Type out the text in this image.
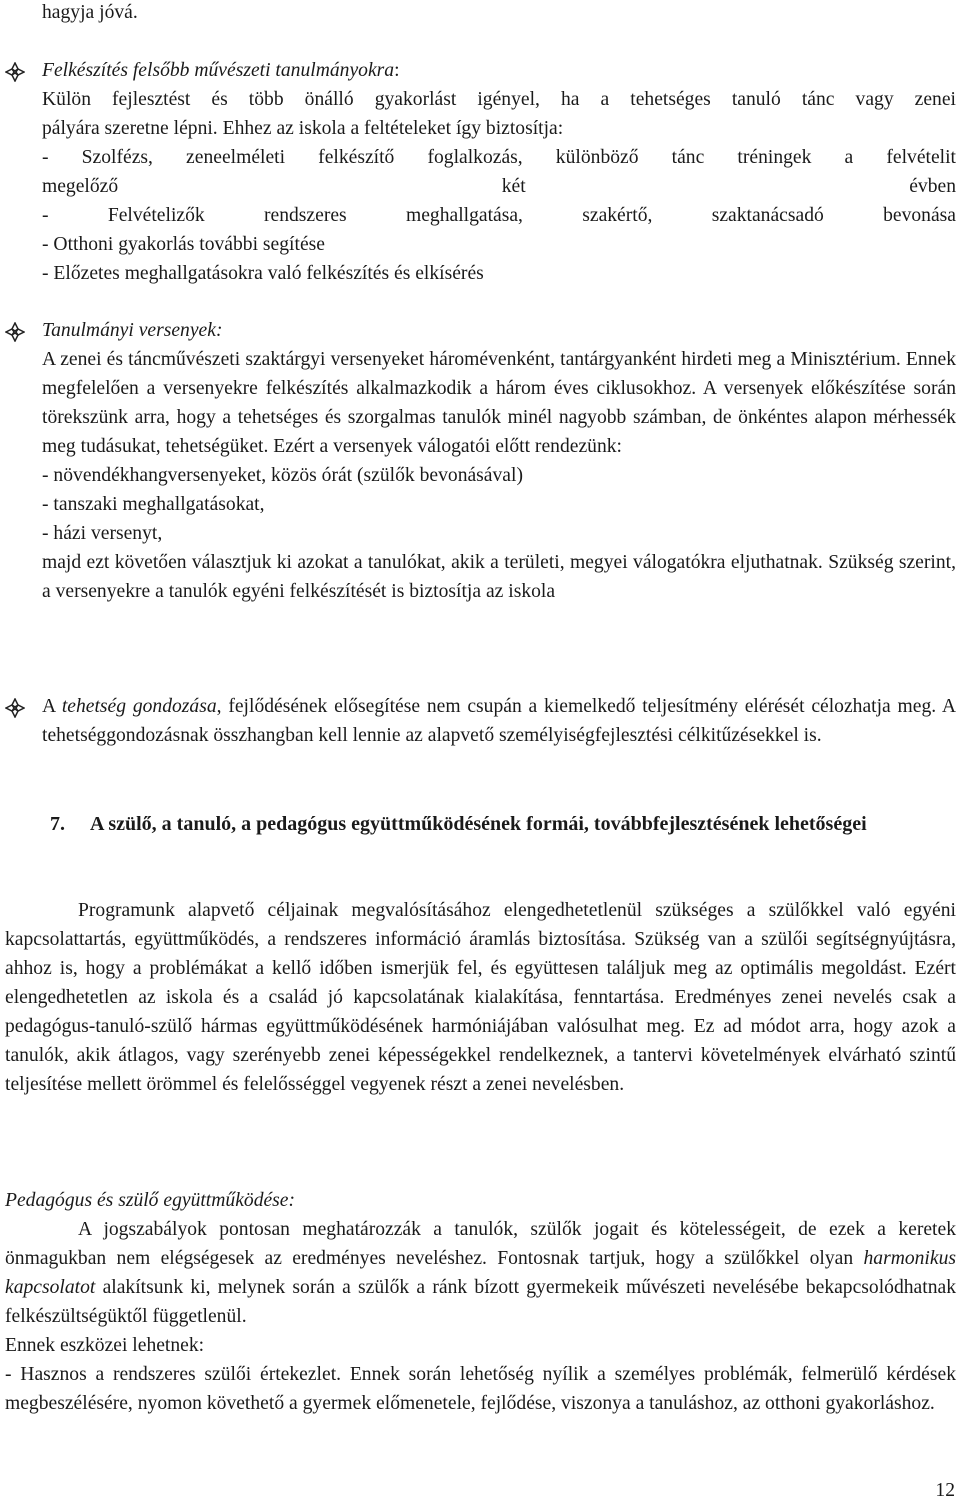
hagyja jóvá.

Felkészítés felsőbb művészeti tanulmányokra:
Külön fejlesztést és több önálló gyakorlást igényel, ha a tehetséges tanuló tánc vagy zenei
pályára szeretne lépni. Ehhez az iskola a feltételeket így biztosítja:
- Szolfézs, zeneelméleti felkészítő foglalkozás, különböző tánc tréningek a felvételit
megelőző két évben
- Felvételizők rendszeres meghallgatása, szakértő, szaktanácsadó bevonása
- Otthoni gyakorlás további segítése
- Előzetes meghallgatásokra való felkészítés és elkísérés
Tanulmányi versenyek:
A zenei és táncművészeti szaktárgyi versenyeket háromévenként, tantárgyanként hirdeti meg a Minisztérium. Ennek megfelelően a versenyekre felkészítés alkalmazkodik a három éves ciklusokhoz. A versenyek előkészítése során törekszünk arra, hogy a tehetséges és szorgalmas tanulók minél nagyobb számban, de önkéntes alapon mérhessék meg tudásukat, tehetségüket. Ezért a versenyek válogatói előtt rendezünk:
- növendékhangversenyeket, közös órát (szülők bevonásával)
- tanszaki meghallgatásokat,
- házi versenyt,
majd ezt követően választjuk ki azokat a tanulókat, akik a területi, megyei válogatókra eljuthatnak. Szükség szerint, a versenyekre a tanulók egyéni felkészítését is biztosítja az iskola
A tehetség gondozása, fejlődésének elősegítése nem csupán a kiemelkedő teljesítmény elérését célozhatja meg. A tehetséggondozásnak összhangban kell lennie az alapvető személyiségfejlesztési célkitűzésekkel is.
7.	A szülő, a tanuló, a pedagógus együttműködésének formái, továbbfejlesztésének lehetőségei
Programunk alapvető céljainak megvalósításához elengedhetetlenül szükséges a szülőkkel való egyéni kapcsolattartás, együttműködés, a rendszeres információ áramlás biztosítása. Szükség van a szülői segítségnyújtásra, ahhoz is, hogy a problémákat a kellő időben ismerjük fel, és együttesen találjuk meg az optimális megoldást. Ezért elengedhetetlen az iskola és a család jó kapcsolatának kialakítása, fenntartása. Eredményes zenei nevelés csak a pedagógus-tanuló-szülő hármas együttműködésének harmóniájában valósulhat meg. Ez ad módot arra, hogy azok a tanulók, akik átlagos, vagy szerényebb zenei képességekkel rendelkeznek, a tantervi követelmények elvárható szintű teljesítése mellett örömmel és felelősséggel vegyenek részt a zenei nevelésben.
Pedagógus és szülő együttműködése:
A jogszabályok pontosan meghatározzák a tanulók, szülők jogait és kötelességeit, de ezek a keretek önmagukban nem elégségesek az eredményes neveléshez. Fontosnak tartjuk, hogy a szülőkkel olyan harmonikus kapcsolatot alakítsunk ki, melynek során a szülők a ránk bízott gyermekeik művészeti nevelésébe bekapcsolódhatnak felkészültségüktől függetlenül.
Ennek eszközei lehetnek:
- Hasznos a rendszeres szülői értekezlet. Ennek során lehetőség nyílik a személyes problémák, felmerülő kérdések megbeszélésére, nyomon követhető a gyermek előmenetele, fejlődése, viszonya a tanuláshoz, az otthoni gyakorláshoz.
12
